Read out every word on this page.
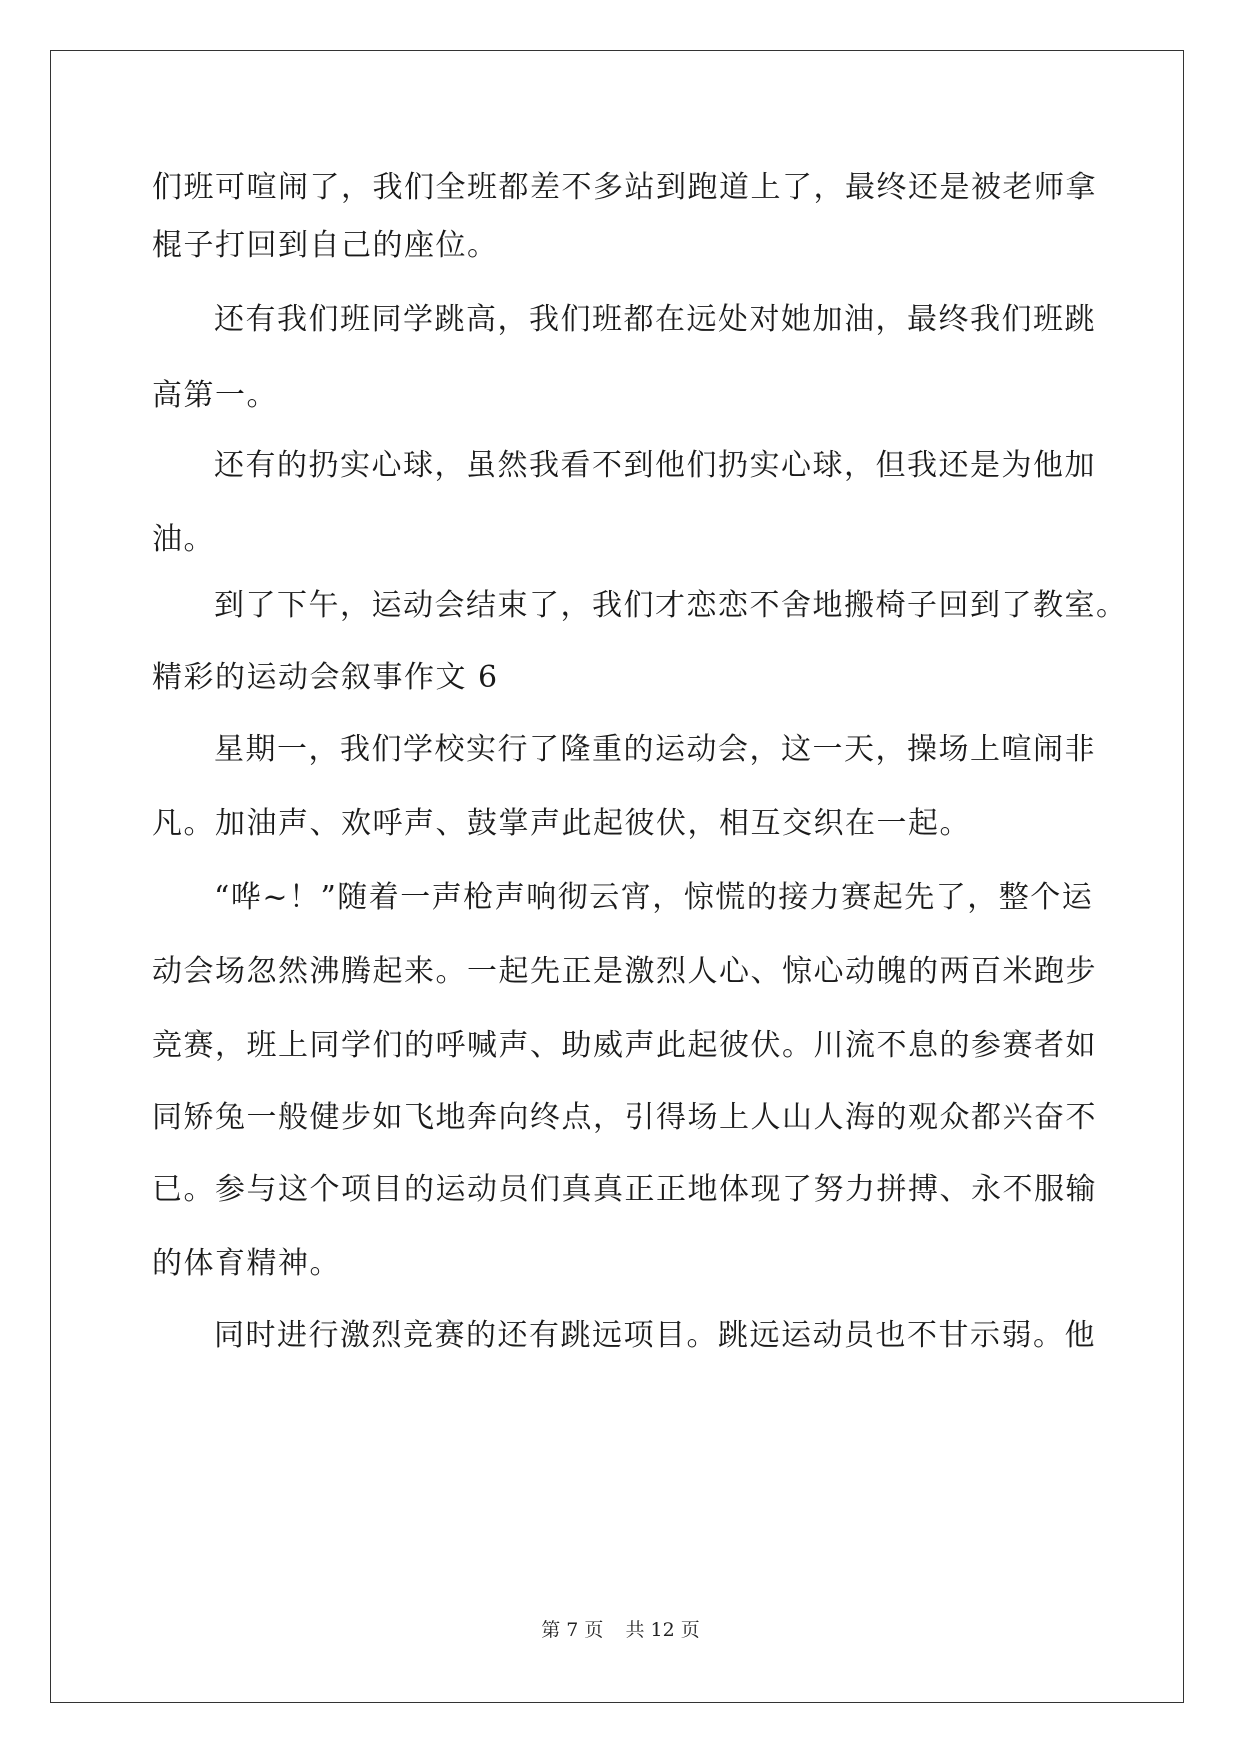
们班可喧闹了，我们全班都差不多站到跑道上了，最终还是被老师拿
棍子打回到自己的座位。
还有我们班同学跳高，我们班都在远处对她加油，最终我们班跳
高第一。
还有的扔实心球，虽然我看不到他们扔实心球，但我还是为他加
油。
到了下午，运动会结束了，我们才恋恋不舍地搬椅子回到了教室。
精彩的运动会叙事作文 6
星期一，我们学校实行了隆重的运动会，这一天，操场上喧闹非
凡。加油声、欢呼声、鼓掌声此起彼伏，相互交织在一起。
“哗~！”随着一声枪声响彻云宵，惊慌的接力赛起先了，整个运
动会场忽然沸腾起来。一起先正是激烈人心、惊心动魄的两百米跑步
竞赛，班上同学们的呼喊声、助威声此起彼伏。川流不息的参赛者如
同矫兔一般健步如飞地奔向终点，引得场上人山人海的观众都兴奋不
已。参与这个项目的运动员们真真正正地体现了努力拼搏、永不服输
的体育精神。
同时进行激烈竞赛的还有跳远项目。跳远运动员也不甘示弱。他
第 7 页 共 12 页
